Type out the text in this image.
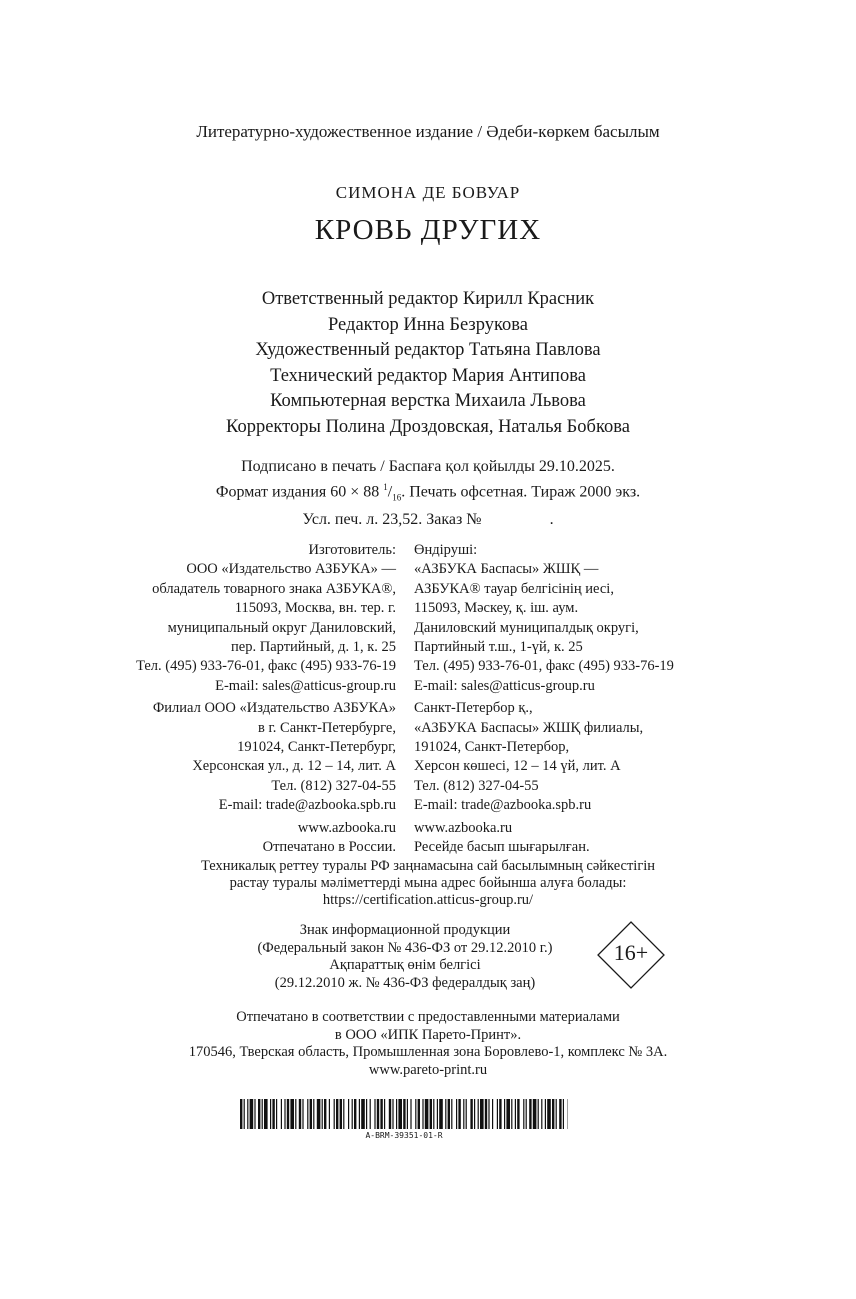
Литературно-художественное издание / Әдеби-көркем басылым
СИМОНА ДЕ БОВУАР
КРОВЬ ДРУГИХ
Ответственный редактор Кирилл Красник
Редактор Инна Безрукова
Художественный редактор Татьяна Павлова
Технический редактор Мария Антипова
Компьютерная верстка Михаила Львова
Корректоры Полина Дроздовская, Наталья Бобкова
Подписано в печать / Баспаға қол қойылды 29.10.2025.
Формат издания 60 × 88 $^1/_{16}$. Печать офсетная. Тираж 2000 экз.
Усл. печ. л. 23,52. Заказ №                 .
Изготовитель:
ООО «Издательство АЗБУКА» —
обладатель товарного знака АЗБУКА®,
115093, Москва, вн. тер. г.
муниципальный округ Даниловский,
пер. Партийный, д. 1, к. 25
Тел. (495) 933-76-01, факс (495) 933-76-19
E-mail: sales@atticus-group.ru
Филиал ООО «Издательство АЗБУКА»
в г. Санкт-Петербурге,
191024, Санкт-Петербург,
Херсонская ул., д. 12 – 14, лит. А
Тел. (812) 327-04-55
E-mail: trade@azbooka.spb.ru
www.azbooka.ru
Отпечатано в России.
Өндіруші:
«АЗБУКА Баспасы» ЖШҚ —
АЗБУКА® тауар белгісінің иесі,
115093, Мәскеу, қ. іш. аум.
Даниловский муниципалдық округі,
Партийный т.ш., 1-үй, к. 25
Тел. (495) 933-76-01, факс (495) 933-76-19
E-mail: sales@atticus-group.ru
Санкт-Петербор қ.,
«АЗБУКА Баспасы» ЖШҚ филиалы,
191024, Санкт-Петербор,
Херсон көшесі, 12 – 14 үй, лит. А
Тел. (812) 327-04-55
E-mail: trade@azbooka.spb.ru
www.azbooka.ru
Ресейде басып шығарылған.
Техникалық реттеу туралы РФ заңнамасына сай басылымның сәйкестігін
растау туралы мәліметтерді мына адрес бойынша алуға болады:
https://certification.atticus-group.ru/
Знак информационной продукции
(Федеральный закон № 436-ФЗ от 29.12.2010 г.)
Ақпараттық өнім белгісі
(29.12.2010 ж. № 436-ФЗ федералдық заң)
16+
Отпечатано в соответствии с предоставленными материалами
в ООО «ИПК Парето-Принт».
170546, Тверская область, Промышленная зона Боровлево-1, комплекс № 3А.
www.pareto-print.ru
A-BRM-39351-01-R
